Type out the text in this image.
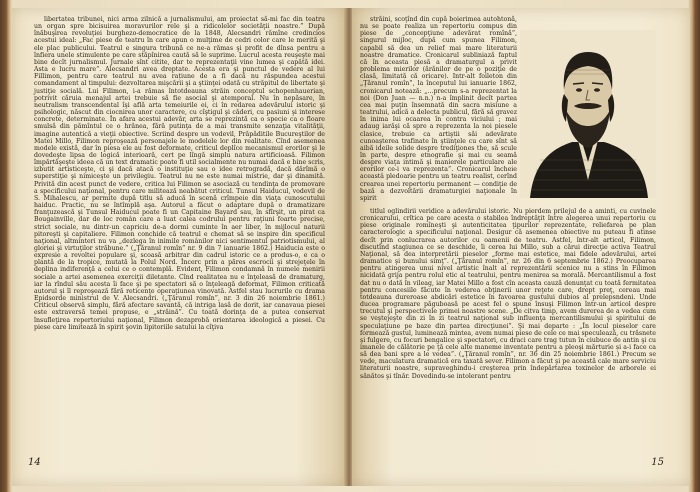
libertatea tribunei, nici arma zilnică a jurnalismului, am proiectat să-mi fac din teatru un organ spre bicisuirea moravurilor rele şi a ridicolelor societăţii noastre.” După înăbuşirea revoluţiei burghezo-democratice de la 1848, Alecsandri rămîne credincios acestui ideal: „Fac piese de teatru în care apun o mulţime de cedri color care le merită şi ele plac publicului. Teatrul e singura tribună ce ne-a rămas şi profit de dînsa pentru a înfiera unele stimulente pe care stăpînirea caută să le suprime. Lucrul acesta reuşeşte mai bine decît jurnalismul. Jurnale sînt citite, dar te reprezentaţii vine lumea şi capătă idei. Asta e lucru mare”. Alecsandri avea dreptate. Acesta era şi punctul de vedere al lui Fillimon, pentru care teatrul nu avea rațiune de a fi dacă nu răspundea acestui comandament al timpului: dezvoltarea mişcării şi a ştiinţei odată cu străpitul de libertate şi justiţie socială. Lui Filimon, i-a rămas întotdeauna străin conceptul schopenhauerian, potrivit căruia menajul artei trebuie să fie asocial şi atemporal. Nu în nepăsare, în neutralism transcendental îşi află arta temeiurile ei, ci în redarea adevărului istoric şi psihologic, născut din ciocnirea unor caractere, cu cîştigul şi căderi, cu pasiuni şi interese concrete, determinate. În afara acestui adevăr, arta se reprezintă ca o specie ca o floare smulsă din pămîntul ce o hrănea, fără putinţa de a mai transmite senzaţia vitalităţii, imagine autentică a vieţii obiective. Scriind despre un vodevil, Prăpăditile Bucureştilor de Matei Millo, Filimon reproşează personajele le modelele lor din realitate. Cînd asemenea modele există, dar în piesa ele au fost deformate, criticul deplîce mecanismul erorilor şi le dovedeşte lipsa de logică interioară, cert pe lîngă simplu natura artificioasă. Filimon împărtăşeşte ideea că un text dramatic poate fi util socialmente nu numai dacă e bine scris, izbutit artisticeşte, ci şi dacă atacă o instituţie sau o idee retrogradă, dacă dărîmă o superstiţie şi nimiceşte un privilegiu. Teatrul nu ne este numai mistrie, dar şi dinamită. Privită din acest punct de vedere, critica lui Filimon se asociază cu tendinţa de promovare a specificului naţional, pentru care militează neabătut criticul. Tunsul Haiducul, vodevil de S. Mihalescu, ar permite după titlu să aducă în scenă crîmpeie din viaţa cunoscutului haiduc. Practic, nu se întîmplă aşa. Autorul a făcut o adaptare după o dramatizare franţuzească şi Tunsul Haiducul poate fi un Capitaine Bayard sau, în sfîrşit, un pirat ca Bougainville, dar de loc român care a luat calea codrului pentru raţiuni foarte precise, strict sociale, nu dintr-un capriciu de-a dormi cuminte în aer liber, în mijlocul naturii pitoreşti şi capitaliere. Filimon conchide că teatrul e chemat să se inspire din specificul naţional, altminteri nu va „dezlega în inimile românilor nici sentimentul patriotismului, al gloriei şi virtuţilor străbune.” („Ţăranul romîn” nr. 9 din 7 ianuarie 1862.) Haiducia este o expresie a revoltei populare şi, scoasă arbitrar din cadrul istoric ce a produs-o, e ca o plantă de la tropice, mutată la Polul Nord. Încerc prin a păres escrocii şi strejeţele în deplina indiferenţă a celui ce o contemplă. Evident, Filimon condamnă în numele menirii sociale a artei asemenea exerciţii diletante. Cînd realitatea nu e înţeleasă de dramaturg, iar la rîndul său acesta îi face şi pe spectatori să o înţeleagă deformat, Filimon criticată autorul şi îl reproşează fără reticenţe operaţiunea vinovată. Astfel stau lucrurile cu drama Epidsorde ministrul de V. Alecsandri. („Ţăranul romîn”, nr. 3 din 26 noiembrie 1861.) Criticul observă simplu, fără afectare savantă, că intriga lasă de dorit, iar canavaua piesei este extraversă temei propuse, e „străină”. Cu toată dorinţa de a putea conservat însufleţirea repertoriului naţional, Filimon dezaprobă orientarea ideologică a piesei. Cu piese care limitează în spirit şovin lipitoriile satului la cîţiva

14

străini, scoţînd din cupă boierimea autohtonă, nu se poate realiza un repertoriu compus din piese de „concepţiune adevărat romînă”, singurul mijloc, după cum spunea Filimon, capabil să dea un relief mai mare literaturii noastre dramatice. Cronicarul subliniază faptul că în aceasta piesă a dramaturgul a privit problema mierilor (ărănilor de pe o poziţie de clasă, limitată că oricare). Intr-alt foileton din „Ţăranul romîn”, la începutul lui ianuarie 1862, cronicarul notează: „...precum s-a reprezentat la noi (Don Juan — n.n.) n-a împlinit decît partea cea mai puţin însemnată din sacra misiune a teatrului, adică a delecta publicul, fără să gravez în inima lui ocaarea în contra viciului ; mai adaug iarăşi că spre a reprezenta la noi piesele clasice, trebuie ca artiştii săi adevărate cunoaşterea trafinate în ştiinţele cu care sînt să aibă ideile solide despre trediţiones the, să scule în parte, despre etnografie şi mai cu seamă despre viaţa intimă şi manierele particulare ale erorilor ce-i va reprezenta”. Cronicarul încheie aceastâ pledoarie pentru un teatru realist, cerînd crearea unei repertoriu permanent — condiţie de bază a dezvoltării dramaturgiei naţionale în spirit

titlul oglindirii veridice a adevărului istoric. Nu pierdem prilejul de a aminti, cu cuvinele cronicarului, crîtica pe care acesta o stabilea îndreptăţit între alegerea unui repertoriu cu piese originale romîneşti şi autenticitatea ţipurilor reprezentate, reliefarea pe plan caracterologic a specificului naţional. Desigur că asemenea obiective nu puteau fi atinse decît prin conlucrarea autorilor cu oamenii de teatru. Astfel, într-alt articol, Filimon, discutînd stagiunea ce se deschide, îi cerea lui Millo, sub a cărui direcţie activa Teatrul Naţional, să dea interpretării pieselor „forme mai estetice, mai fidele adevărului, artei dramatice şi bunului simţ”. („Ţăranul romîn”, nr. 26 din 6 septembrie 1862.) Preocuparea pentru atingerea unui nivel artistic înalt al reprezentării scenice nu a stins în Filimon nicidată grija pentru rolul etic al teatrului, pentru menirea sa morală. Mercantilismul a fost dat nu o dată în vileag, iar Matei Millo a fost cîn aceasta cauză denunţat cu toată fermitatea pentru concesiile făcute în vederea obţinerii unor reţete care, drept preţ, cereau mai totdeauna dureroase abdicări estetice în favoarea gustului dubios al prelepsndeni. Unde ducea programare păguboasă pe acest fel o spune însuşi Filimon într-un articol despre trecutul şi perspectivele primei noastre scene. „De citva timp, avem durerea de a vedea cum se veştejeşte din zi în zi teatrul naţional sub influenţa mercantilismului şi spiritului de speculaţiune pe baze din partea direcţiunei”. Şi mai departe : „În locul pieselor care formează gustul, luminează mintea, avem numai piese de cele ce mai speculează, cu trăsnete şi fulgere, cu focuri bengalice şi spectatori, cu draci care trag tutun în ciubuce de antin şi cu imanele de călătorie pe ţă cele alte maneme inventate pentru a pleoşi mărturie și a-i face ca să dea bani spre a le vedea”. („Ţăranul romîn”, nr. 36 din 25 noiembrie 1861.) Precum se vede, maculatura dramatică era taxată sever. Filimon a făcut şi pe această cale mare serviciu literaturii noastre, supraveghindu-i creşterea prin îndepărtarea toxinelor de arborele ei sănătos şi tînăr. Dovedindu-se intolerant pentru

15
